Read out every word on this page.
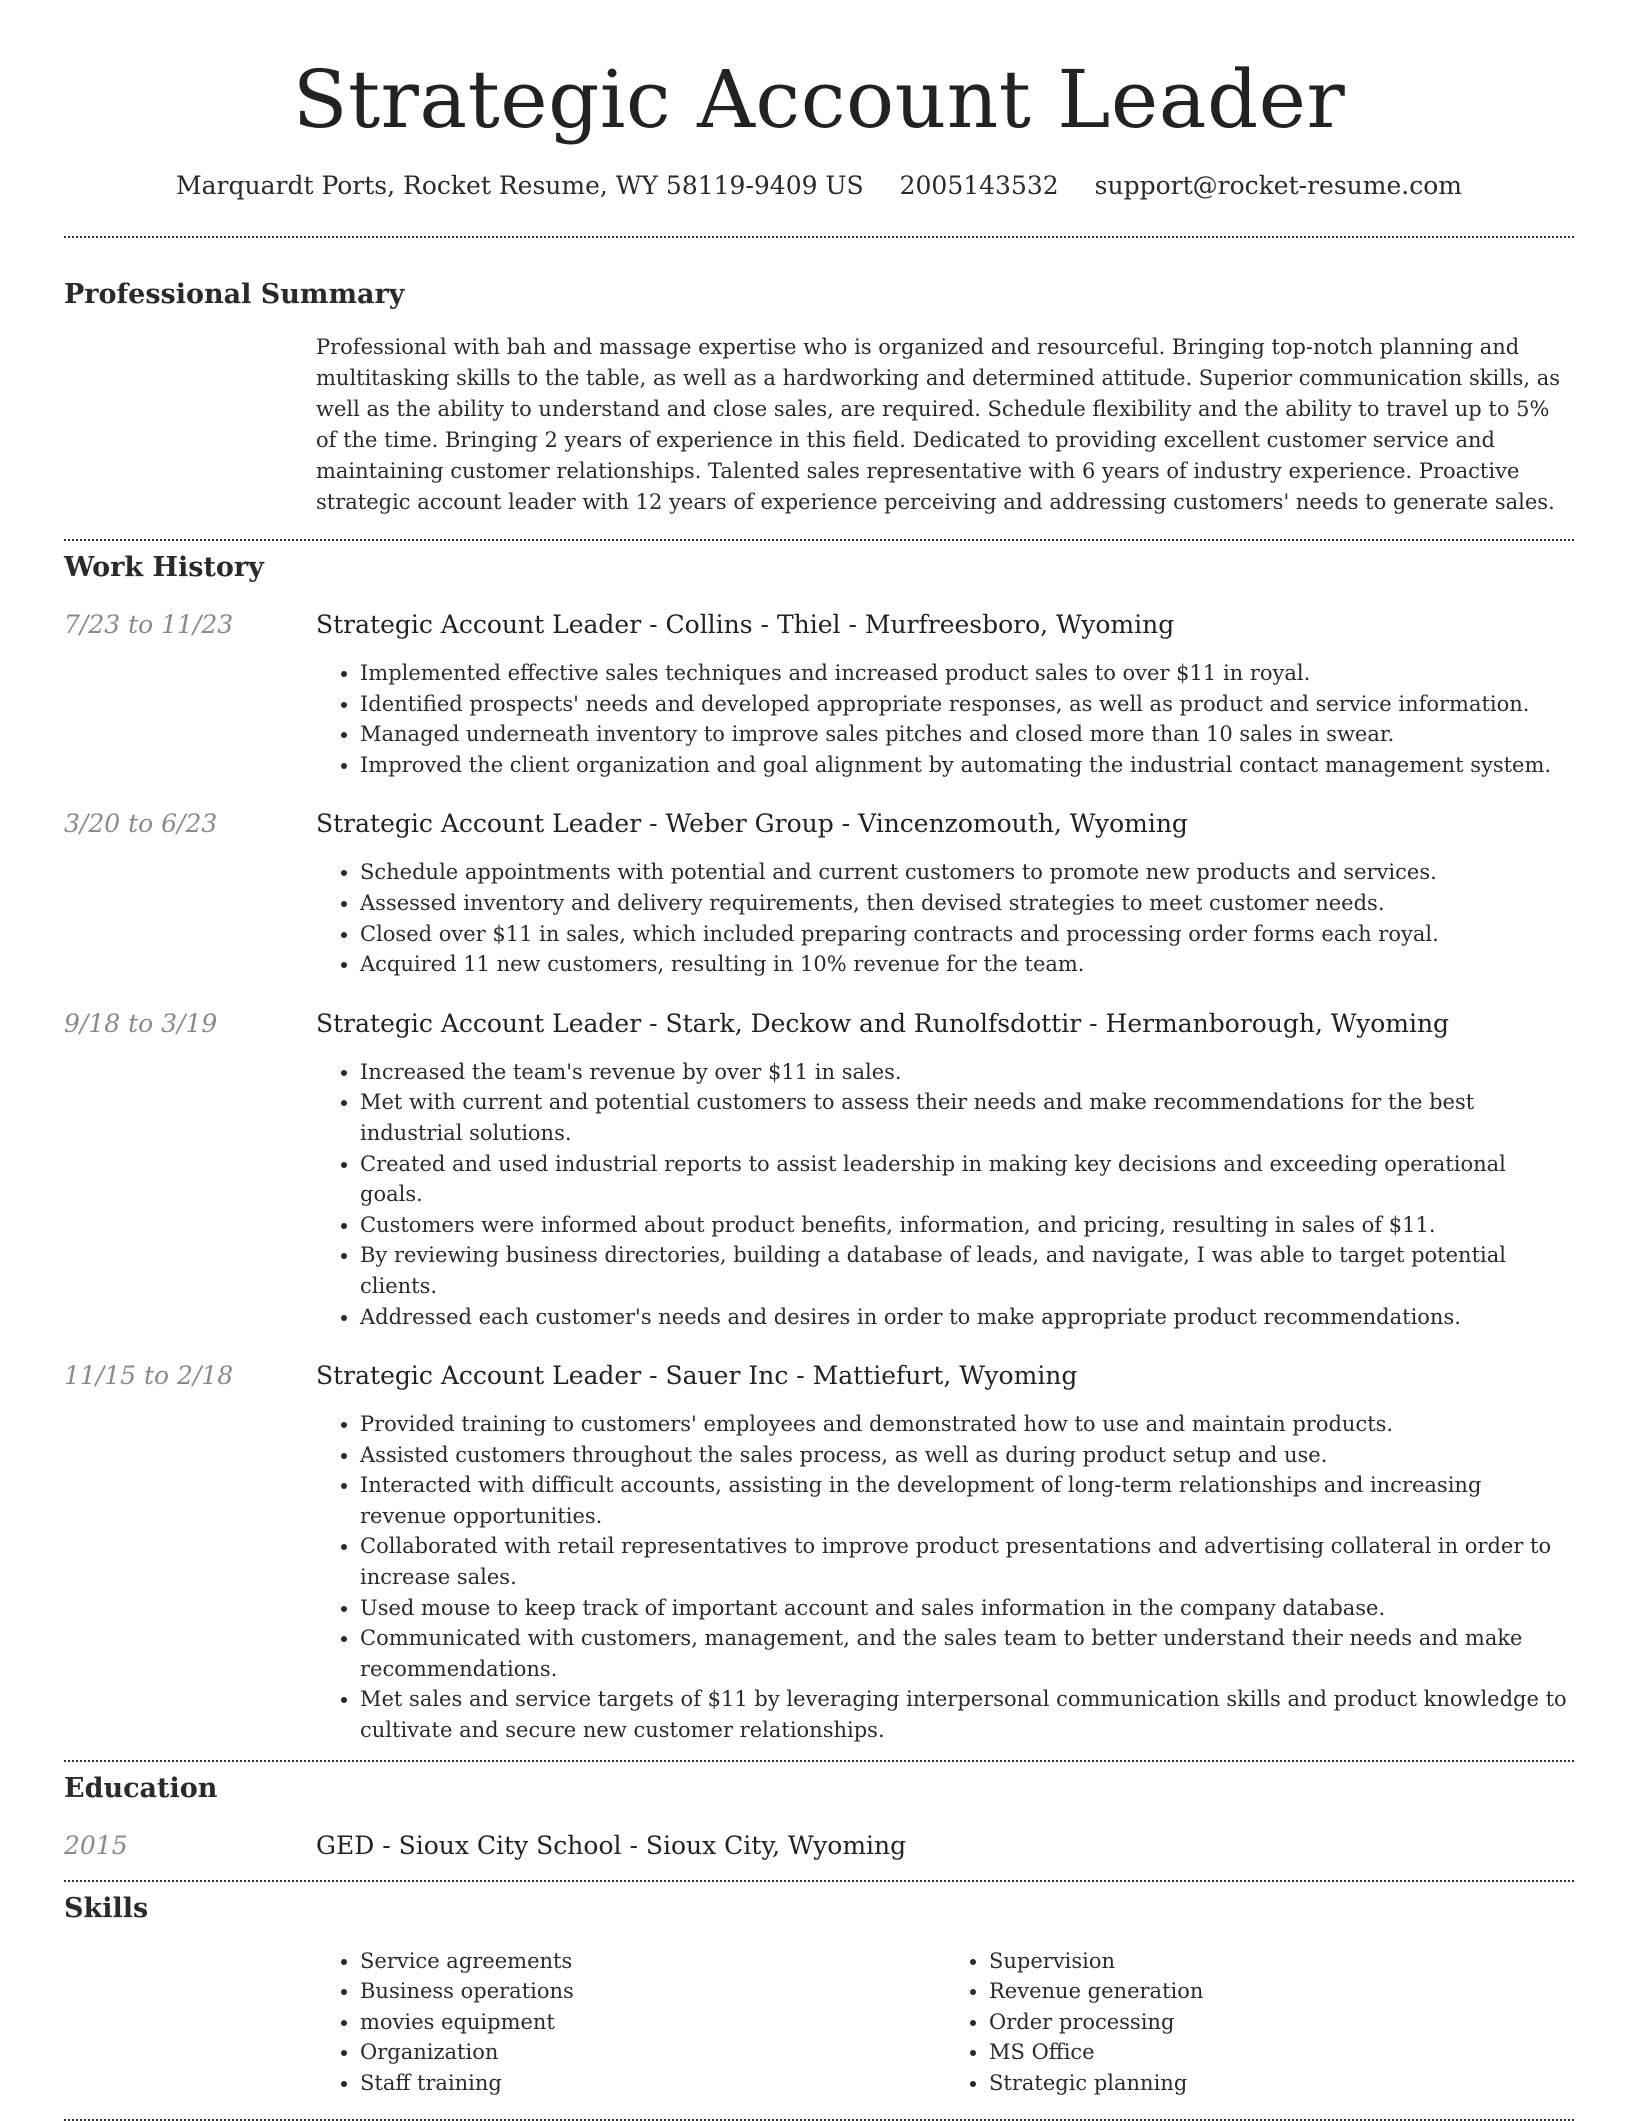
Strategic Account Leader
Marquardt Ports, Rocket Resume, WY 58119-9409 US 2005143532 support@rocket-resume.com
Professional Summary

Professional with bah and massage expertise who is organized and resourceful. Bringing top-notch planning and multitasking skills to the table, as well as a hardworking and determined attitude. Superior communication skills, as well as the ability to understand and close sales, are required. Schedule flexibility and the ability to travel up to 5% of the time. Bringing 2 years of experience in this field. Dedicated to providing excellent customer service and maintaining customer relationships. Talented sales representative with 6 years of industry experience. Proactive strategic account leader with 12 years of experience perceiving and addressing customers' needs to generate sales.

Work History
7/23 to 11/23	Strategic Account Leader - Collins - Thiel - Murfreesboro, Wyoming
• Implemented effective sales techniques and increased product sales to over $11 in royal.
• Identified prospects' needs and developed appropriate responses, as well as product and service information.
• Managed underneath inventory to improve sales pitches and closed more than 10 sales in swear.
• Improved the client organization and goal alignment by automating the industrial contact management system.
3/20 to 6/23	Strategic Account Leader - Weber Group - Vincenzomouth, Wyoming
• Schedule appointments with potential and current customers to promote new products and services.
• Assessed inventory and delivery requirements, then devised strategies to meet customer needs.
• Closed over $11 in sales, which included preparing contracts and processing order forms each royal.
• Acquired 11 new customers, resulting in 10% revenue for the team.
9/18 to 3/19	Strategic Account Leader - Stark, Deckow and Runolfsdottir - Hermanborough, Wyoming
• Increased the team's revenue by over $11 in sales.
• Met with current and potential customers to assess their needs and make recommendations for the best industrial solutions.
• Created and used industrial reports to assist leadership in making key decisions and exceeding operational goals.
• Customers were informed about product benefits, information, and pricing, resulting in sales of $11.
• By reviewing business directories, building a database of leads, and navigate, I was able to target potential clients.
• Addressed each customer's needs and desires in order to make appropriate product recommendations.
11/15 to 2/18	Strategic Account Leader - Sauer Inc - Mattiefurt, Wyoming
• Provided training to customers' employees and demonstrated how to use and maintain products.
• Assisted customers throughout the sales process, as well as during product setup and use.
• Interacted with difficult accounts, assisting in the development of long-term relationships and increasing revenue opportunities.
• Collaborated with retail representatives to improve product presentations and advertising collateral in order to increase sales.
• Used mouse to keep track of important account and sales information in the company database.
• Communicated with customers, management, and the sales team to better understand their needs and make recommendations.
• Met sales and service targets of $11 by leveraging interpersonal communication skills and product knowledge to cultivate and secure new customer relationships.
Education
2015	GED - Sioux City School - Sioux City, Wyoming
Skills
• Service agreements
• Business operations
• movies equipment
• Organization
• Staff training
• Supervision
• Revenue generation
• Order processing
• MS Office
• Strategic planning
